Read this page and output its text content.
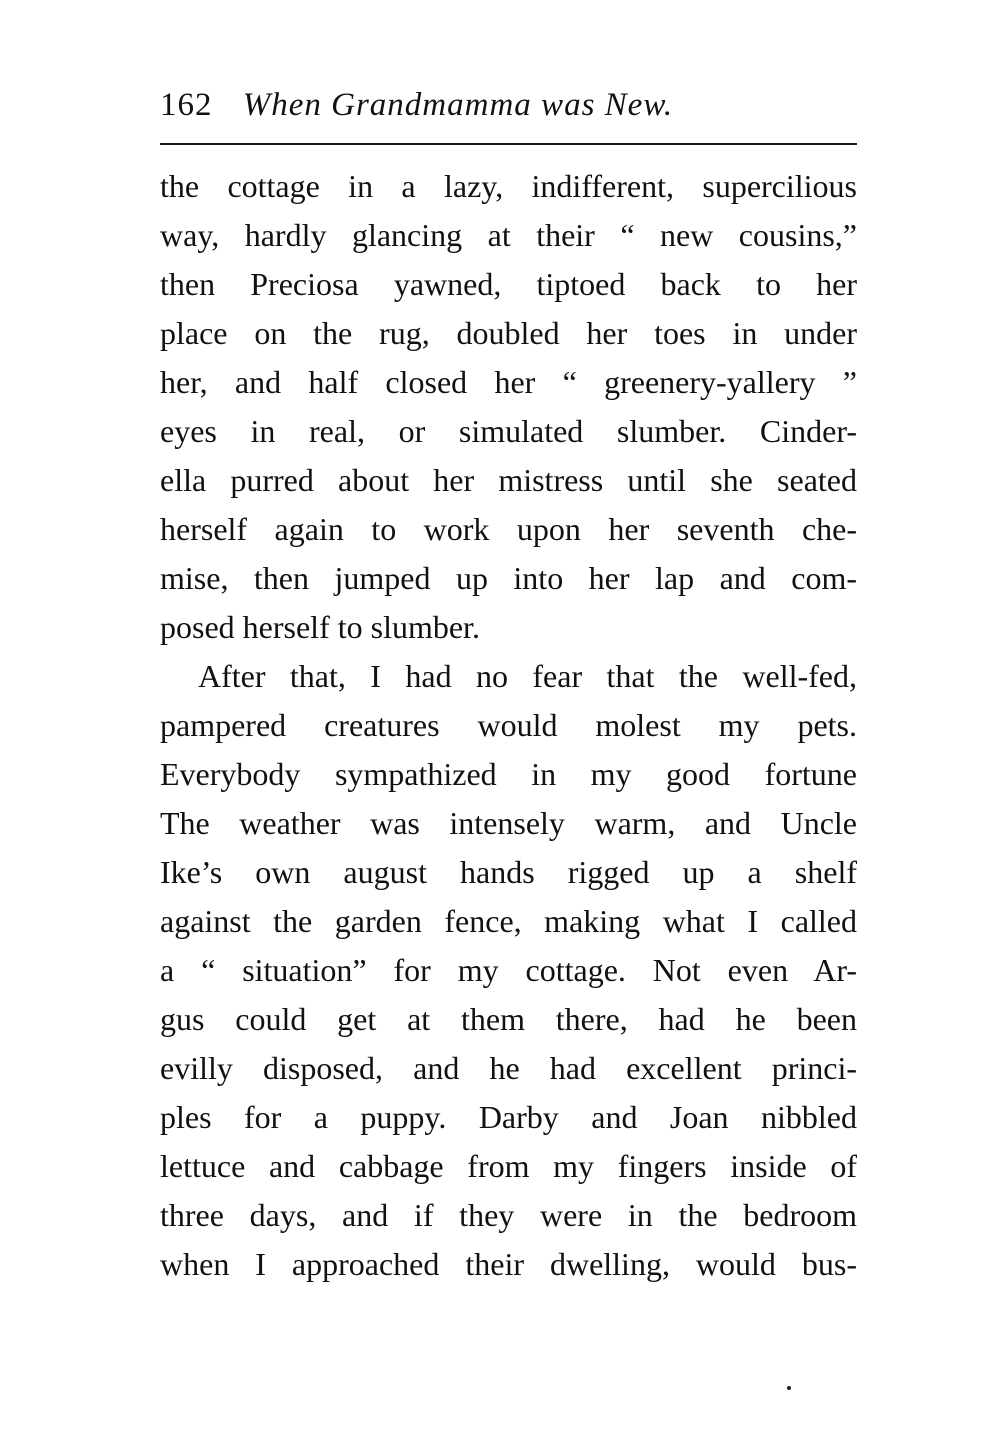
162 When Grandmamma was New.
the cottage in a lazy, indifferent, supercilious
way, hardly glancing at their “ new cousins,”
then Preciosa yawned, tiptoed back to her
place on the rug, doubled her toes in under
her, and half closed her “ greenery-yallery ”
eyes in real, or simulated slumber. Cinder-
ella purred about her mistress until she seated
herself again to work upon her seventh che-
mise, then jumped up into her lap and com-
posed herself to slumber.
After that, I had no fear that the well-fed,
pampered creatures would molest my pets.
Everybody sympathized in my good fortune
The weather was intensely warm, and Uncle
Ike’s own august hands rigged up a shelf
against the garden fence, making what I called
a “ situation” for my cottage. Not even Ar-
gus could get at them there, had he been
evilly disposed, and he had excellent princi-
ples for a puppy. Darby and Joan nibbled
lettuce and cabbage from my fingers inside of
three days, and if they were in the bedroom
when I approached their dwelling, would bus-
